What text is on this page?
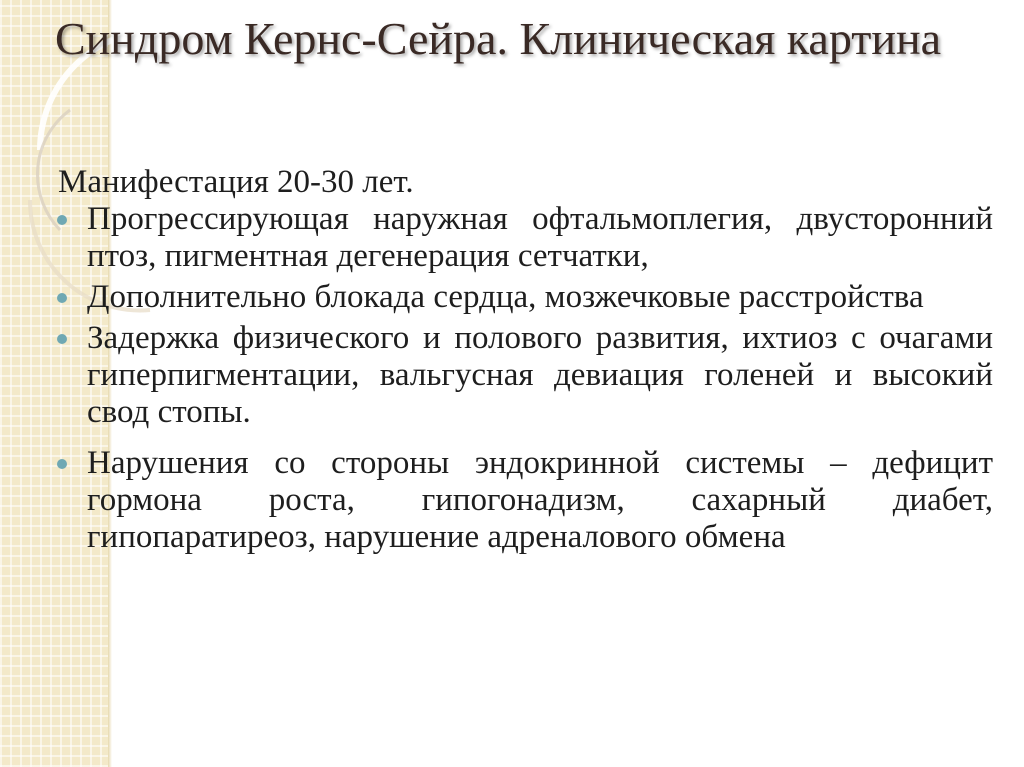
Синдром Кернс-Сейра. Клиническая картина

Манифестация 20-30 лет.

Прогрессирующая наружная офтальмоплегия, двусторонний птоз, пигментная дегенерация сетчатки,
Дополнительно блокада сердца, мозжечковые расстройства
Задержка физического и полового развития, ихтиоз с очагами гиперпигментации, вальгусная девиация голеней и высокий свод стопы.
Нарушения со стороны эндокринной системы – дефицит гормона роста, гипогонадизм, сахарный диабет, гипопаратиреоз, нарушение адреналового обмена
